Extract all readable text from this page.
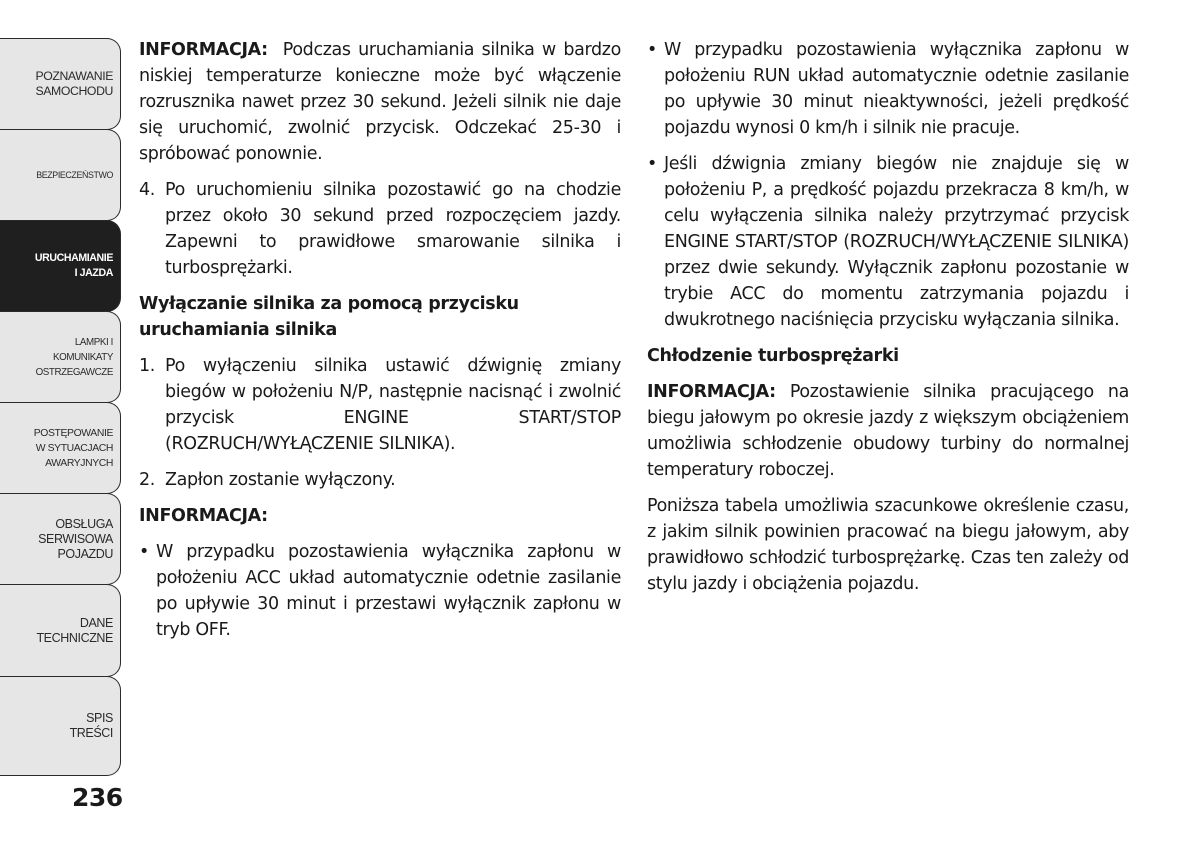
POZNAWANIE
SAMOCHODU
BEZPIECZEŃSTWO
URUCHAMIANIE
I JAZDA
LAMPKI I
KOMUNIKATY
OSTRZEGAWCZE
POSTĘPOWANIE
W SYTUACJACH
AWARYJNYCH
OBSŁUGA
SERWISOWA
POJAZDU
DANE
TECHNICZNE
SPIS
TREŚCI
236

INFORMACJA: Podczas uruchamiania silnika w bardzo niskiej temperaturze konieczne może być włączenie rozrusznika nawet przez 30 sekund. Jeżeli silnik nie daje się uruchomić, zwolnić przycisk. Odczekać 25-30 i spróbować ponownie.

4. Po uruchomieniu silnika pozostawić go na chodzie przez około 30 sekund przed rozpoczęciem jazdy. Zapewni to prawidłowe smarowanie silnika i turbosprężarki.
Wyłączanie silnika za pomocą przycisku uruchamiania silnika
1. Po wyłączeniu silnika ustawić dźwignię zmiany biegów w położeniu N/P, następnie nacisnąć i zwolnić przycisk ENGINE START/STOP (ROZRUCH/WYŁĄCZENIE SILNIKA).
2. Zapłon zostanie wyłączony.

INFORMACJA:

• W przypadku pozostawienia wyłącznika zapłonu w położeniu ACC układ automatycznie odetnie zasilanie po upływie 30 minut i przestawi wyłącznik zapłonu w tryb OFF.
• W przypadku pozostawienia wyłącznika zapłonu w położeniu RUN układ automatycznie odetnie zasilanie po upływie 30 minut nieaktywności, jeżeli prędkość pojazdu wynosi 0 km/h i silnik nie pracuje.
• Jeśli dźwignia zmiany biegów nie znajduje się w położeniu P, a prędkość pojazdu przekracza 8 km/h, w celu wyłączenia silnika należy przytrzymać przycisk ENGINE START/STOP (ROZRUCH/WYŁĄCZENIE SILNIKA) przez dwie sekundy. Wyłącznik zapłonu pozostanie w trybie ACC do momentu zatrzymania pojazdu i dwukrotnego naciśnięcia przycisku wyłączania silnika.
Chłodzenie turbosprężarki

INFORMACJA: Pozostawienie silnika pracującego na biegu jałowym po okresie jazdy z większym obciążeniem umożliwia schłodzenie obudowy turbiny do normalnej temperatury roboczej.

Poniższa tabela umożliwia szacunkowe określenie czasu, z jakim silnik powinien pracować na biegu jałowym, aby prawidłowo schłodzić turbosprężarkę. Czas ten zależy od stylu jazdy i obciążenia pojazdu.
